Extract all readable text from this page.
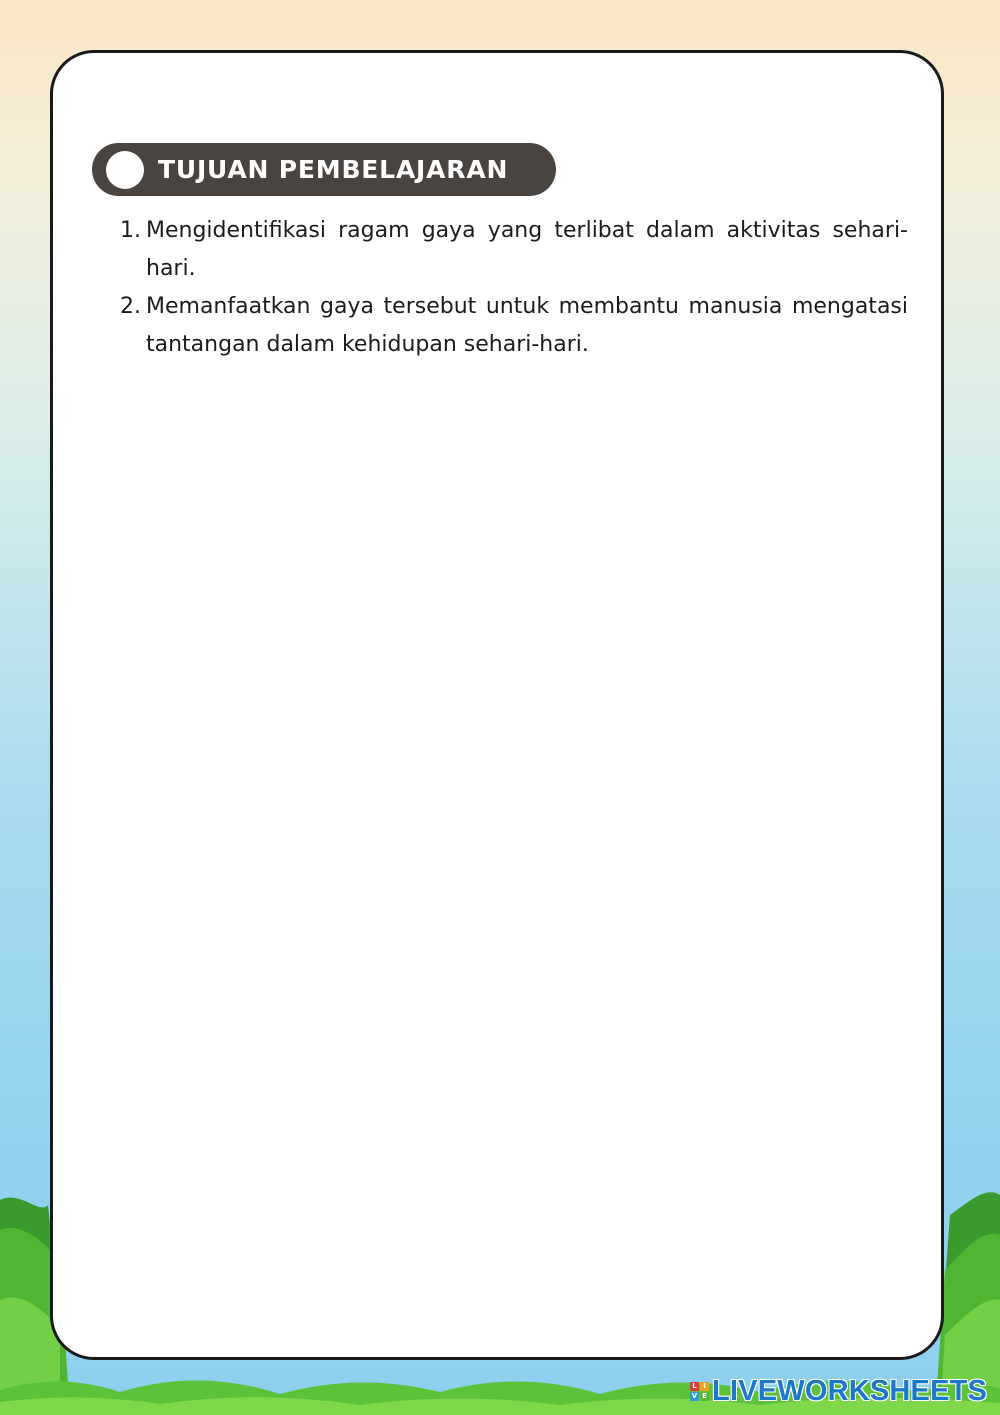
TUJUAN PEMBELAJARAN
1. Mengidentifikasi ragam gaya yang terlibat dalam aktivitas sehari-hari.
2. Memanfaatkan gaya tersebut untuk membantu manusia mengatasi tantangan dalam kehidupan sehari-hari.
L I
V E LIVEWORKSHEETS
